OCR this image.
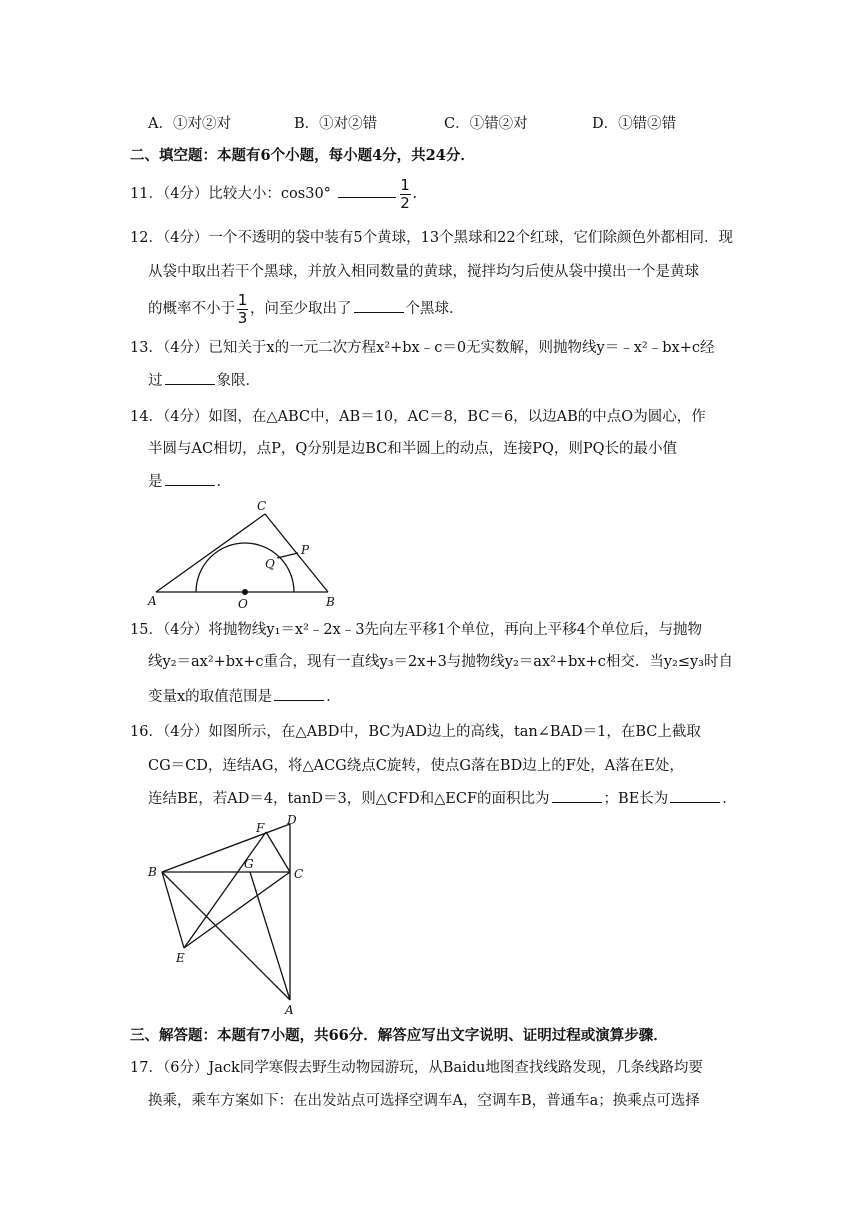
A．①对②对	B．①对②错	C．①错②对	D．①错②错
二、填空题：本题有6个小题，每小题4分，共24分．
11．（4分）比较大小：cos30°	$\frac{1}{2}$ .
12．（4分）一个不透明的袋中装有5个黄球，13个黑球和22个红球，它们除颜色外都相同．现
从袋中取出若干个黑球，并放入相同数量的黄球，搅拌均匀后使从袋中摸出一个是黄球
的概率不小于 $\frac{1}{3}$ ，问至少取出了	个黑球．
13．（4分）已知关于x的一元二次方程x²+bx﹣c＝0无实数解，则抛物线y＝﹣x²﹣bx+c经
过	象限．
14．（4分）如图，在△ABC中，AB＝10，AC＝8，BC＝6，以边AB的中点O为圆心，作
半圆与AC相切，点P，Q分别是边BC和半圆上的动点，连接PQ，则PQ长的最小值
是	．
A	B
C
O
P
Q
15．（4分）将抛物线y₁＝x²﹣2x﹣3先向左平移1个单位，再向上平移4个单位后，与抛物
线y₂＝ax²+bx+c重合，现有一直线y₃＝2x+3与抛物线y₂＝ax²+bx+c相交．当y₂≤y₃时自
变量x的取值范围是	．
16．（4分）如图所示，在△ABD中，BC为AD边上的高线，tan∠BAD＝1，在BC上截取
CG＝CD，连结AG，将△ACG绕点C旋转，使点G落在BD边上的F处，A落在E处，
连结BE，若AD＝4，tanD＝3，则△CFD和△ECF的面积比为	；BE长为	．
B	C
D
A
E
F
G
三、解答题：本题有7小题，共66分．解答应写出文字说明、证明过程或演算步骤．
17．（6分）Jack同学寒假去野生动物园游玩，从Baidu地图查找线路发现，几条线路均要
换乘，乘车方案如下：在出发站点可选择空调车A，空调车B，普通车a；换乘点可选择
